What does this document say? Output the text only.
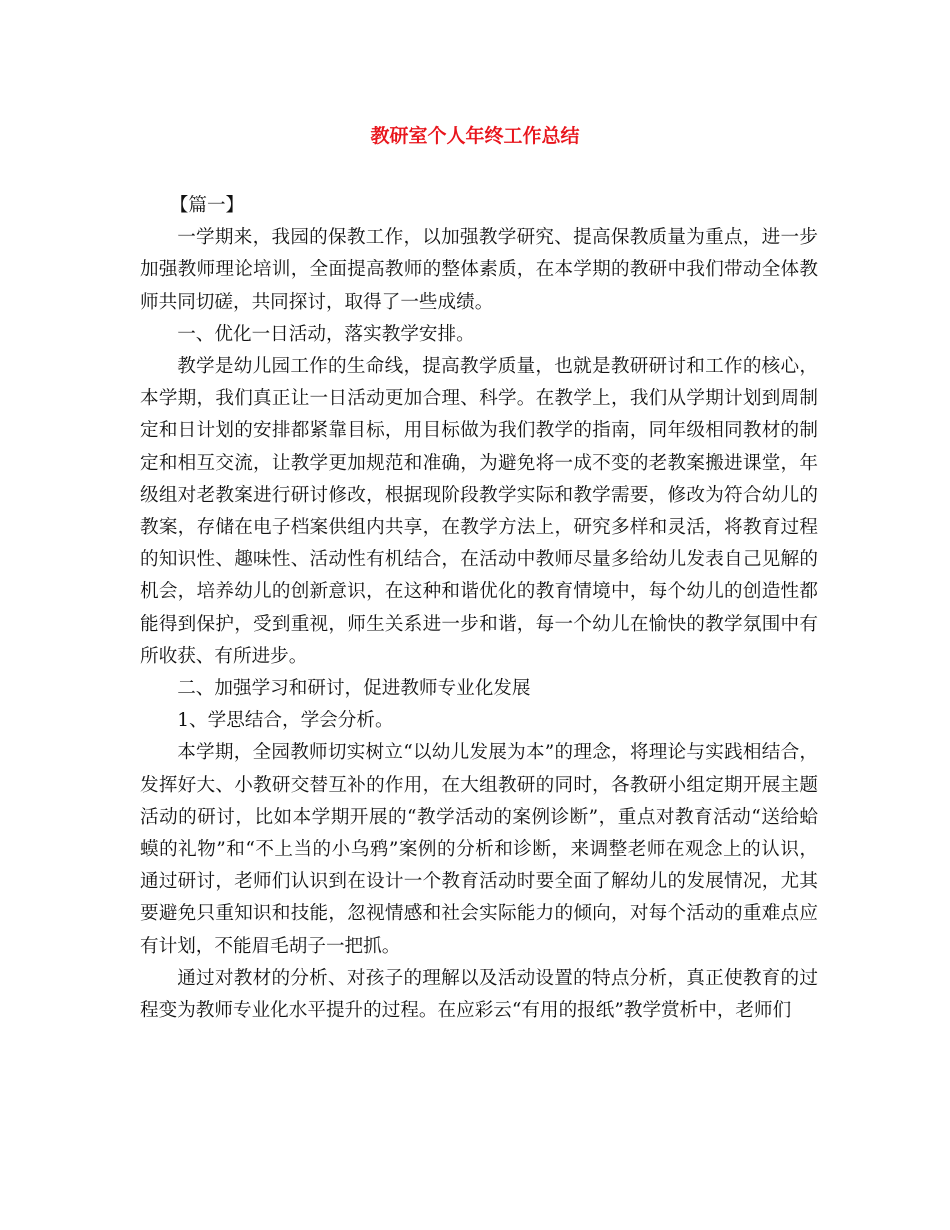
教研室个人年终工作总结

【篇一】

一学期来，我园的保教工作，以加强教学研究、提高保教质量为重点，进一步加强教师理论培训，全面提高教师的整体素质，在本学期的教研中我们带动全体教师共同切磋，共同探讨，取得了一些成绩。

一、优化一日活动，落实教学安排。

教学是幼儿园工作的生命线，提高教学质量，也就是教研研讨和工作的核心，本学期，我们真正让一日活动更加合理、科学。在教学上，我们从学期计划到周制定和日计划的安排都紧靠目标，用目标做为我们教学的指南，同年级相同教材的制定和相互交流，让教学更加规范和准确，为避免将一成不变的老教案搬进课堂，年级组对老教案进行研讨修改，根据现阶段教学实际和教学需要，修改为符合幼儿的教案，存储在电子档案供组内共享，在教学方法上，研究多样和灵活，将教育过程的知识性、趣味性、活动性有机结合，在活动中教师尽量多给幼儿发表自己见解的机会，培养幼儿的创新意识，在这种和谐优化的教育情境中，每个幼儿的创造性都能得到保护，受到重视，师生关系进一步和谐，每一个幼儿在愉快的教学氛围中有所收获、有所进步。

二、加强学习和研讨，促进教师专业化发展

1、学思结合，学会分析。

本学期，全园教师切实树立“以幼儿发展为本”的理念，将理论与实践相结合，发挥好大、小教研交替互补的作用，在大组教研的同时，各教研小组定期开展主题活动的研讨，比如本学期开展的“教学活动的案例诊断”，重点对教育活动“送给蛤蟆的礼物”和“不上当的小乌鸦”案例的分析和诊断，来调整老师在观念上的认识，通过研讨，老师们认识到在设计一个教育活动时要全面了解幼儿的发展情况，尤其要避免只重知识和技能，忽视情感和社会实际能力的倾向，对每个活动的重难点应有计划，不能眉毛胡子一把抓。

通过对教材的分析、对孩子的理解以及活动设置的特点分析，真正使教育的过程变为教师专业化水平提升的过程。在应彩云“有用的报纸”教学赏析中，老师们
